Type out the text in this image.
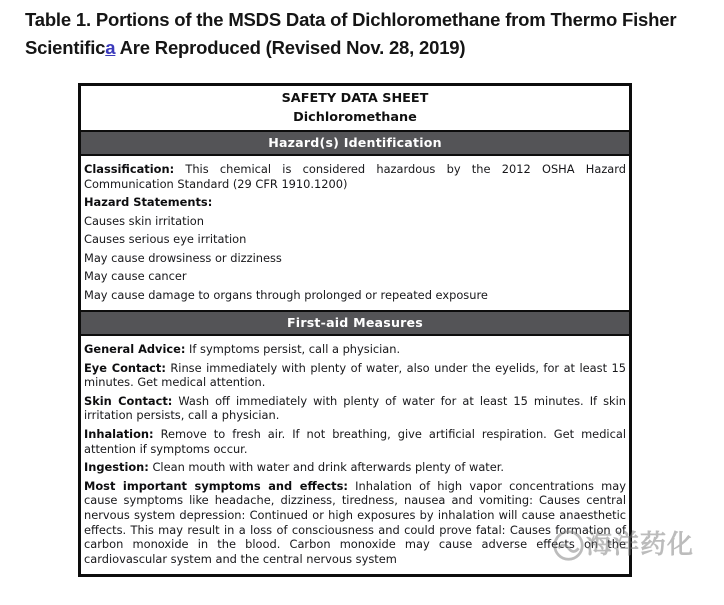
Table 1. Portions of the MSDS Data of Dichloromethane from Thermo Fisher
Scientifica Are Reproduced (Revised Nov. 28, 2019)
SAFETY DATA SHEET
Dichloromethane
Hazard(s) Identification

Classification: This chemical is considered hazardous by the 2012 OSHA Hazard Communication Standard (29 CFR 1910.1200)

Hazard Statements:

Causes skin irritation

Causes serious eye irritation

May cause drowsiness or dizziness

May cause cancer

May cause damage to organs through prolonged or repeated exposure

First-aid Measures

General Advice: If symptoms persist, call a physician.

Eye Contact: Rinse immediately with plenty of water, also under the eyelids, for at least 15 minutes. Get medical attention.

Skin Contact: Wash off immediately with plenty of water for at least 15 minutes. If skin irritation persists, call a physician.

Inhalation: Remove to fresh air. If not breathing, give artificial respiration. Get medical attention if symptoms occur.

Ingestion: Clean mouth with water and drink afterwards plenty of water.

Most important symptoms and effects: Inhalation of high vapor concentrations may cause symptoms like headache, dizziness, tiredness, nausea and vomiting: Causes central nervous system depression: Continued or high exposures by inhalation will cause anaesthetic effects. This may result in a loss of consciousness and could prove fatal: Causes formation of carbon monoxide in the blood. Carbon monoxide may cause adverse effects on the cardiovascular system and the central nervous system	海洋药化
